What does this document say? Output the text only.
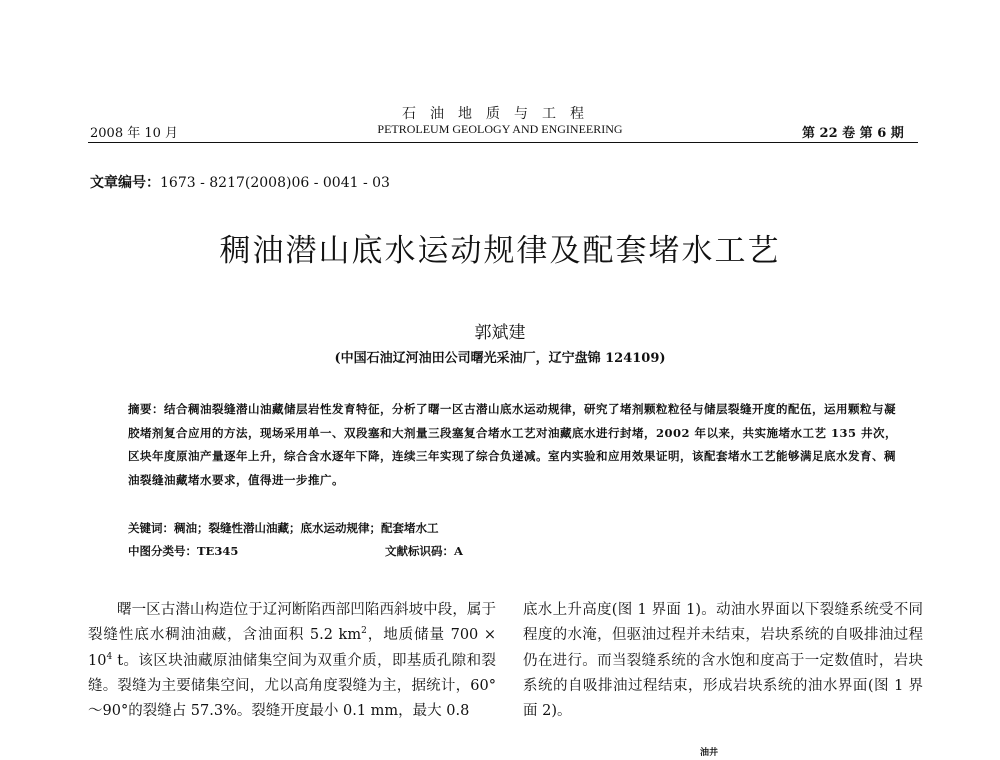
石油地质与工程
PETROLEUM GEOLOGY AND ENGINEERING
2008 年 10 月	第 22 卷 第 6 期
文章编号：1673 - 8217(2008)06 - 0041 - 03
稠油潜山底水运动规律及配套堵水工艺
郭斌建
(中国石油辽河油田公司曙光采油厂，辽宁盘锦 124109)
摘要：结合稠油裂缝潜山油藏储层岩性发育特征，分析了曙一区古潜山底水运动规律，研究了堵剂颗粒粒径与储层裂缝开度的配伍，运用颗粒与凝胶堵剂复合应用的方法，现场采用单一、双段塞和大剂量三段塞复合堵水工艺对油藏底水进行封堵，2002 年以来，共实施堵水工艺 135 井次，区块年度原油产量逐年上升，综合含水逐年下降，连续三年实现了综合负递减。室内实验和应用效果证明，该配套堵水工艺能够满足底水发育、稠油裂缝油藏堵水要求，值得进一步推广。
关键词：稠油；裂缝性潜山油藏；底水运动规律；配套堵水工
中图分类号：TE345	文献标识码：A

曙一区古潜山构造位于辽河断陷西部凹陷西斜坡中段，属于裂缝性底水稠油油藏，含油面积 5.2 $km^2$，地质储量 $700 \times 10^4$ t。该区块油藏原油储集空间为双重介质，即基质孔隙和裂缝。裂缝为主要储集空间，尤以高角度裂缝为主，据统计，60°～90°的裂缝占 57.3%。裂缝开度最小 0.1 mm，最大 0.8

底水上升高度(图 1 界面 1)。动油水界面以下裂缝系统受不同程度的水淹，但驱油过程并未结束，岩块系统的自吸排油过程仍在进行。而当裂缝系统的含水饱和度高于一定数值时，岩块系统的自吸排油过程结束，形成岩块系统的油水界面(图 1 界面 2)。

油井
